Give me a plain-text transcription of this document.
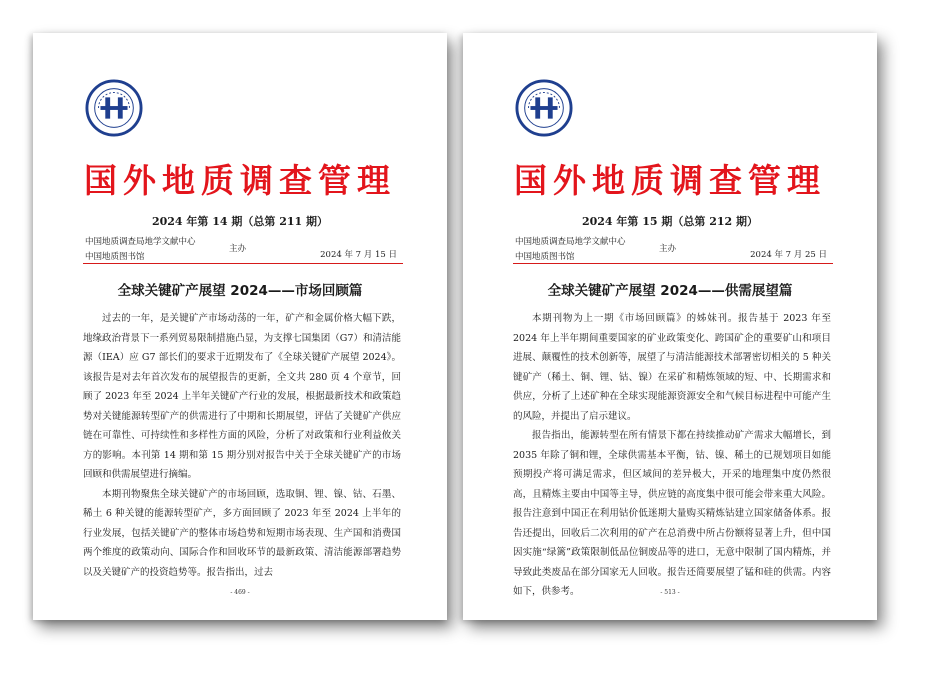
国外地质调查管理
2024 年第 14 期（总第 211 期）
中国地质调查局地学文献中心
中国地质图书馆
主办
2024 年 7 月 15 日
全球关键矿产展望 2024——市场回顾篇

过去的一年，是关键矿产市场动荡的一年，矿产和金属价格大幅下跌，地缘政治背景下一系列贸易限制措施凸显，为支撑七国集团（G7）和清洁能源（IEA）应 G7 部长们的要求于近期发布了《全球关键矿产展望 2024》。该报告是对去年首次发布的展望报告的更新，全文共 280 页 4 个章节，回顾了 2023 年至 2024 上半年关键矿产行业的发展，根据最新技术和政策趋势对关键能源转型矿产的供需进行了中期和长期展望，评估了关键矿产供应链在可靠性、可持续性和多样性方面的风险，分析了对政策和行业利益攸关方的影响。本刊第 14 期和第 15 期分别对报告中关于全球关键矿产的市场回顾和供需展望进行摘编。

本期刊物聚焦全球关键矿产的市场回顾，选取铜、锂、镍、钴、石墨、稀土 6 种关键的能源转型矿产，多方面回顾了 2023 年至 2024 上半年的行业发展，包括关键矿产的整体市场趋势和短期市场表现、生产国和消费国两个维度的政策动向、国际合作和回收环节的最新政策、清洁能源部署趋势以及关键矿产的投资趋势等。报告指出，过去

- 469 -
国外地质调查管理
2024 年第 15 期（总第 212 期）
中国地质调查局地学文献中心
中国地质图书馆
主办
2024 年 7 月 25 日
全球关键矿产展望 2024——供需展望篇

本期刊物为上一期《市场回顾篇》的姊妹刊。报告基于 2023 年至 2024 年上半年期间重要国家的矿业政策变化、跨国矿企的重要矿山和项目进展、颠覆性的技术创新等，展望了与清洁能源技术部署密切相关的 5 种关键矿产（稀土、铜、锂、钴、镍）在采矿和精炼领域的短、中、长期需求和供应，分析了上述矿种在全球实现能源资源安全和气候目标进程中可能产生的风险，并提出了启示建议。

报告指出，能源转型在所有情景下都在持续推动矿产需求大幅增长，到 2035 年除了铜和锂，全球供需基本平衡，钴、镍、稀土的已规划项目如能预期投产将可满足需求，但区域间的差异极大，开采的地理集中度仍然很高，且精炼主要由中国等主导，供应链的高度集中很可能会带来重大风险。报告注意到中国正在利用钴价低迷期大量购买精炼钴建立国家储备体系。报告还提出，回收后二次利用的矿产在总消费中所占份额将显著上升，但中国因实施“绿篱”政策限制低品位铜废品等的进口，无意中限制了国内精炼，并导致此类废品在部分国家无人回收。报告还简要展望了锰和硅的供需。内容如下，供参考。	- 513 -
